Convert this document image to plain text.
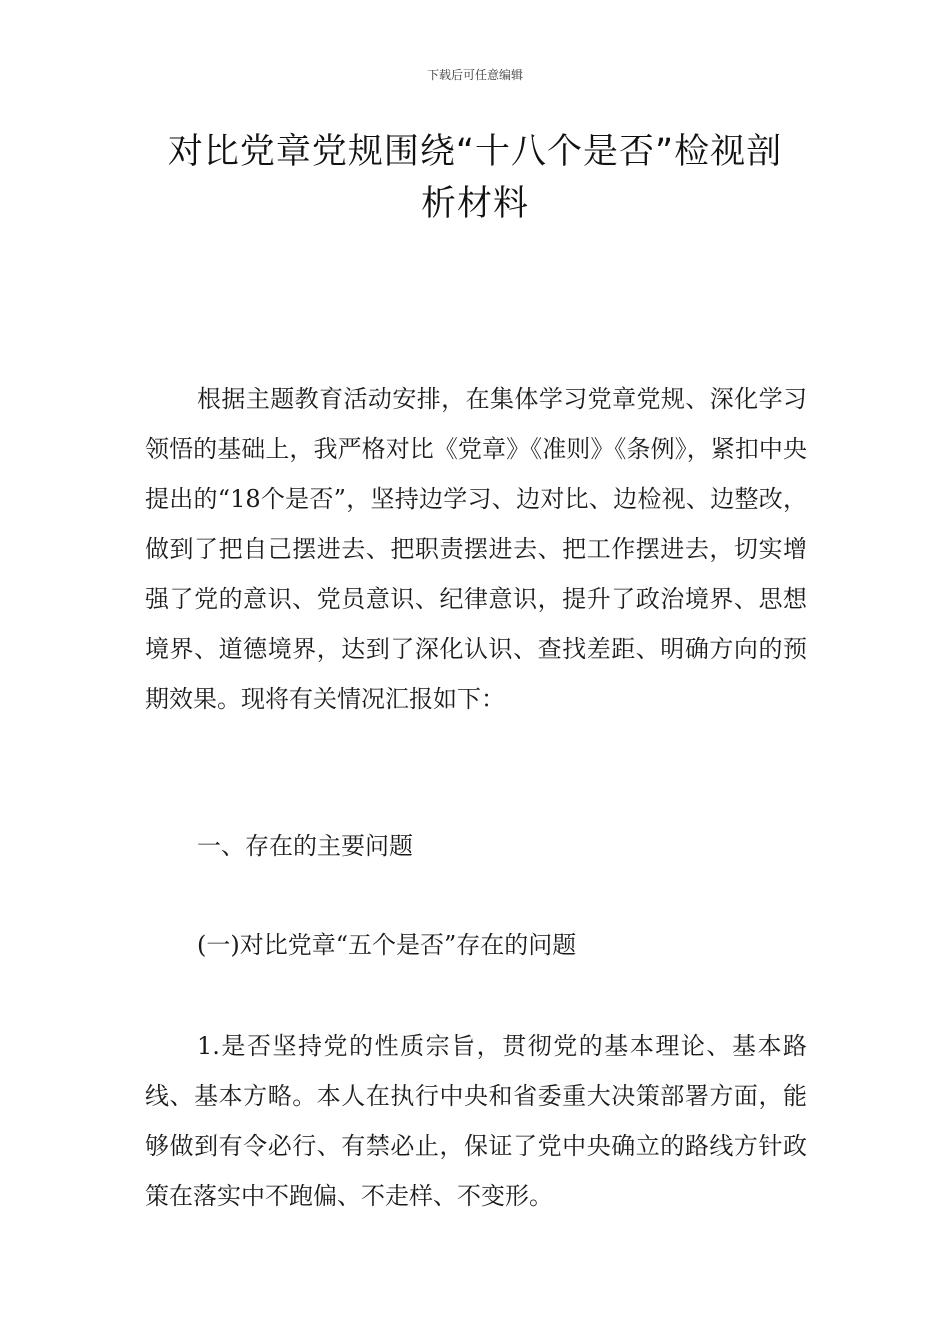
下载后可任意编辑
对比党章党规围绕“十八个是否”检视剖
析材料

根据主题教育活动安排，在集体学习党章党规、深化学习领悟的基础上，我严格对比《党章》《准则》《条例》，紧扣中央提出的“18个是否”，坚持边学习、边对比、边检视、边整改，做到了把自己摆进去、把职责摆进去、把工作摆进去，切实增强了党的意识、党员意识、纪律意识，提升了政治境界、思想境界、道德境界，达到了深化认识、查找差距、明确方向的预期效果。现将有关情况汇报如下：

一、存在的主要问题

(一)对比党章“五个是否”存在的问题

1.是否坚持党的性质宗旨，贯彻党的基本理论、基本路线、基本方略。本人在执行中央和省委重大决策部署方面，能够做到有令必行、有禁必止，保证了党中央确立的路线方针政策在落实中不跑偏、不走样、不变形。
